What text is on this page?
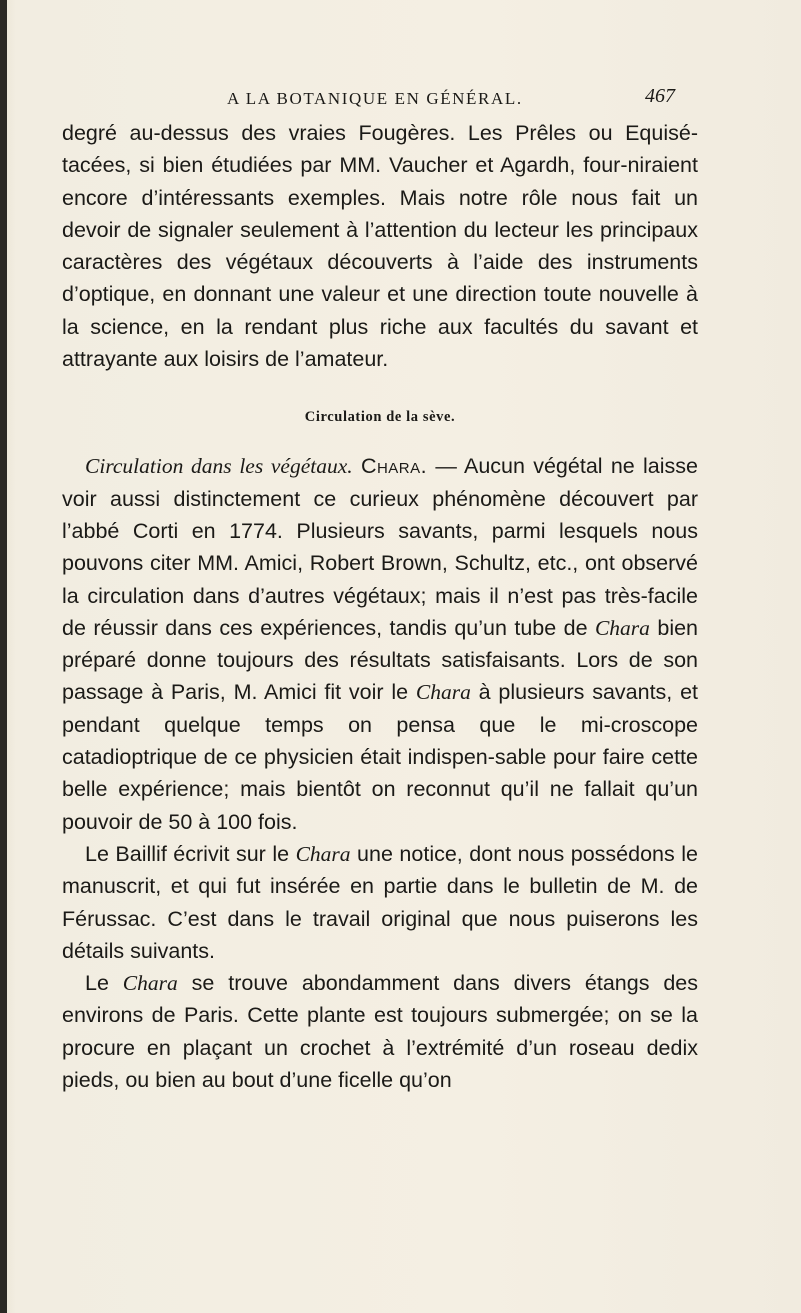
A LA BOTANIQUE EN GÉNÉRAL.	467

degré au-dessus des vraies Fougères. Les Prêles ou Equisé-tacées, si bien étudiées par MM. Vaucher et Agardh, four-niraient encore d’intéressants exemples. Mais notre rôle nous fait un devoir de signaler seulement à l’attention du lecteur les principaux caractères des végétaux découverts à l’aide des instruments d’optique, en donnant une valeur et une direction toute nouvelle à la science, en la rendant plus riche aux facultés du savant et attrayante aux loisirs de l’amateur.

Circulation de la sève.

Circulation dans les végétaux. Chara. — Aucun végétal ne laisse voir aussi distinctement ce curieux phénomène découvert par l’abbé Corti en 1774. Plusieurs savants, parmi lesquels nous pouvons citer MM. Amici, Robert Brown, Schultz, etc., ont observé la circulation dans d’autres végétaux; mais il n’est pas très-facile de réussir dans ces expériences, tandis qu’un tube de Chara bien préparé donne toujours des résultats satisfaisants. Lors de son passage à Paris, M. Amici fit voir le Chara à plusieurs savants, et pendant quelque temps on pensa que le mi-croscope catadioptrique de ce physicien était indispen-sable pour faire cette belle expérience; mais bientôt on reconnut qu’il ne fallait qu’un pouvoir de 50 à 100 fois.

Le Baillif écrivit sur le Chara une notice, dont nous possédons le manuscrit, et qui fut insérée en partie dans le bulletin de M. de Férussac. C’est dans le travail original que nous puiserons les détails suivants.

Le Chara se trouve abondamment dans divers étangs des environs de Paris. Cette plante est toujours submergée; on se la procure en plaçant un crochet à l’extrémité d’un roseau dedix pieds, ou bien au bout d’une ficelle qu’on
